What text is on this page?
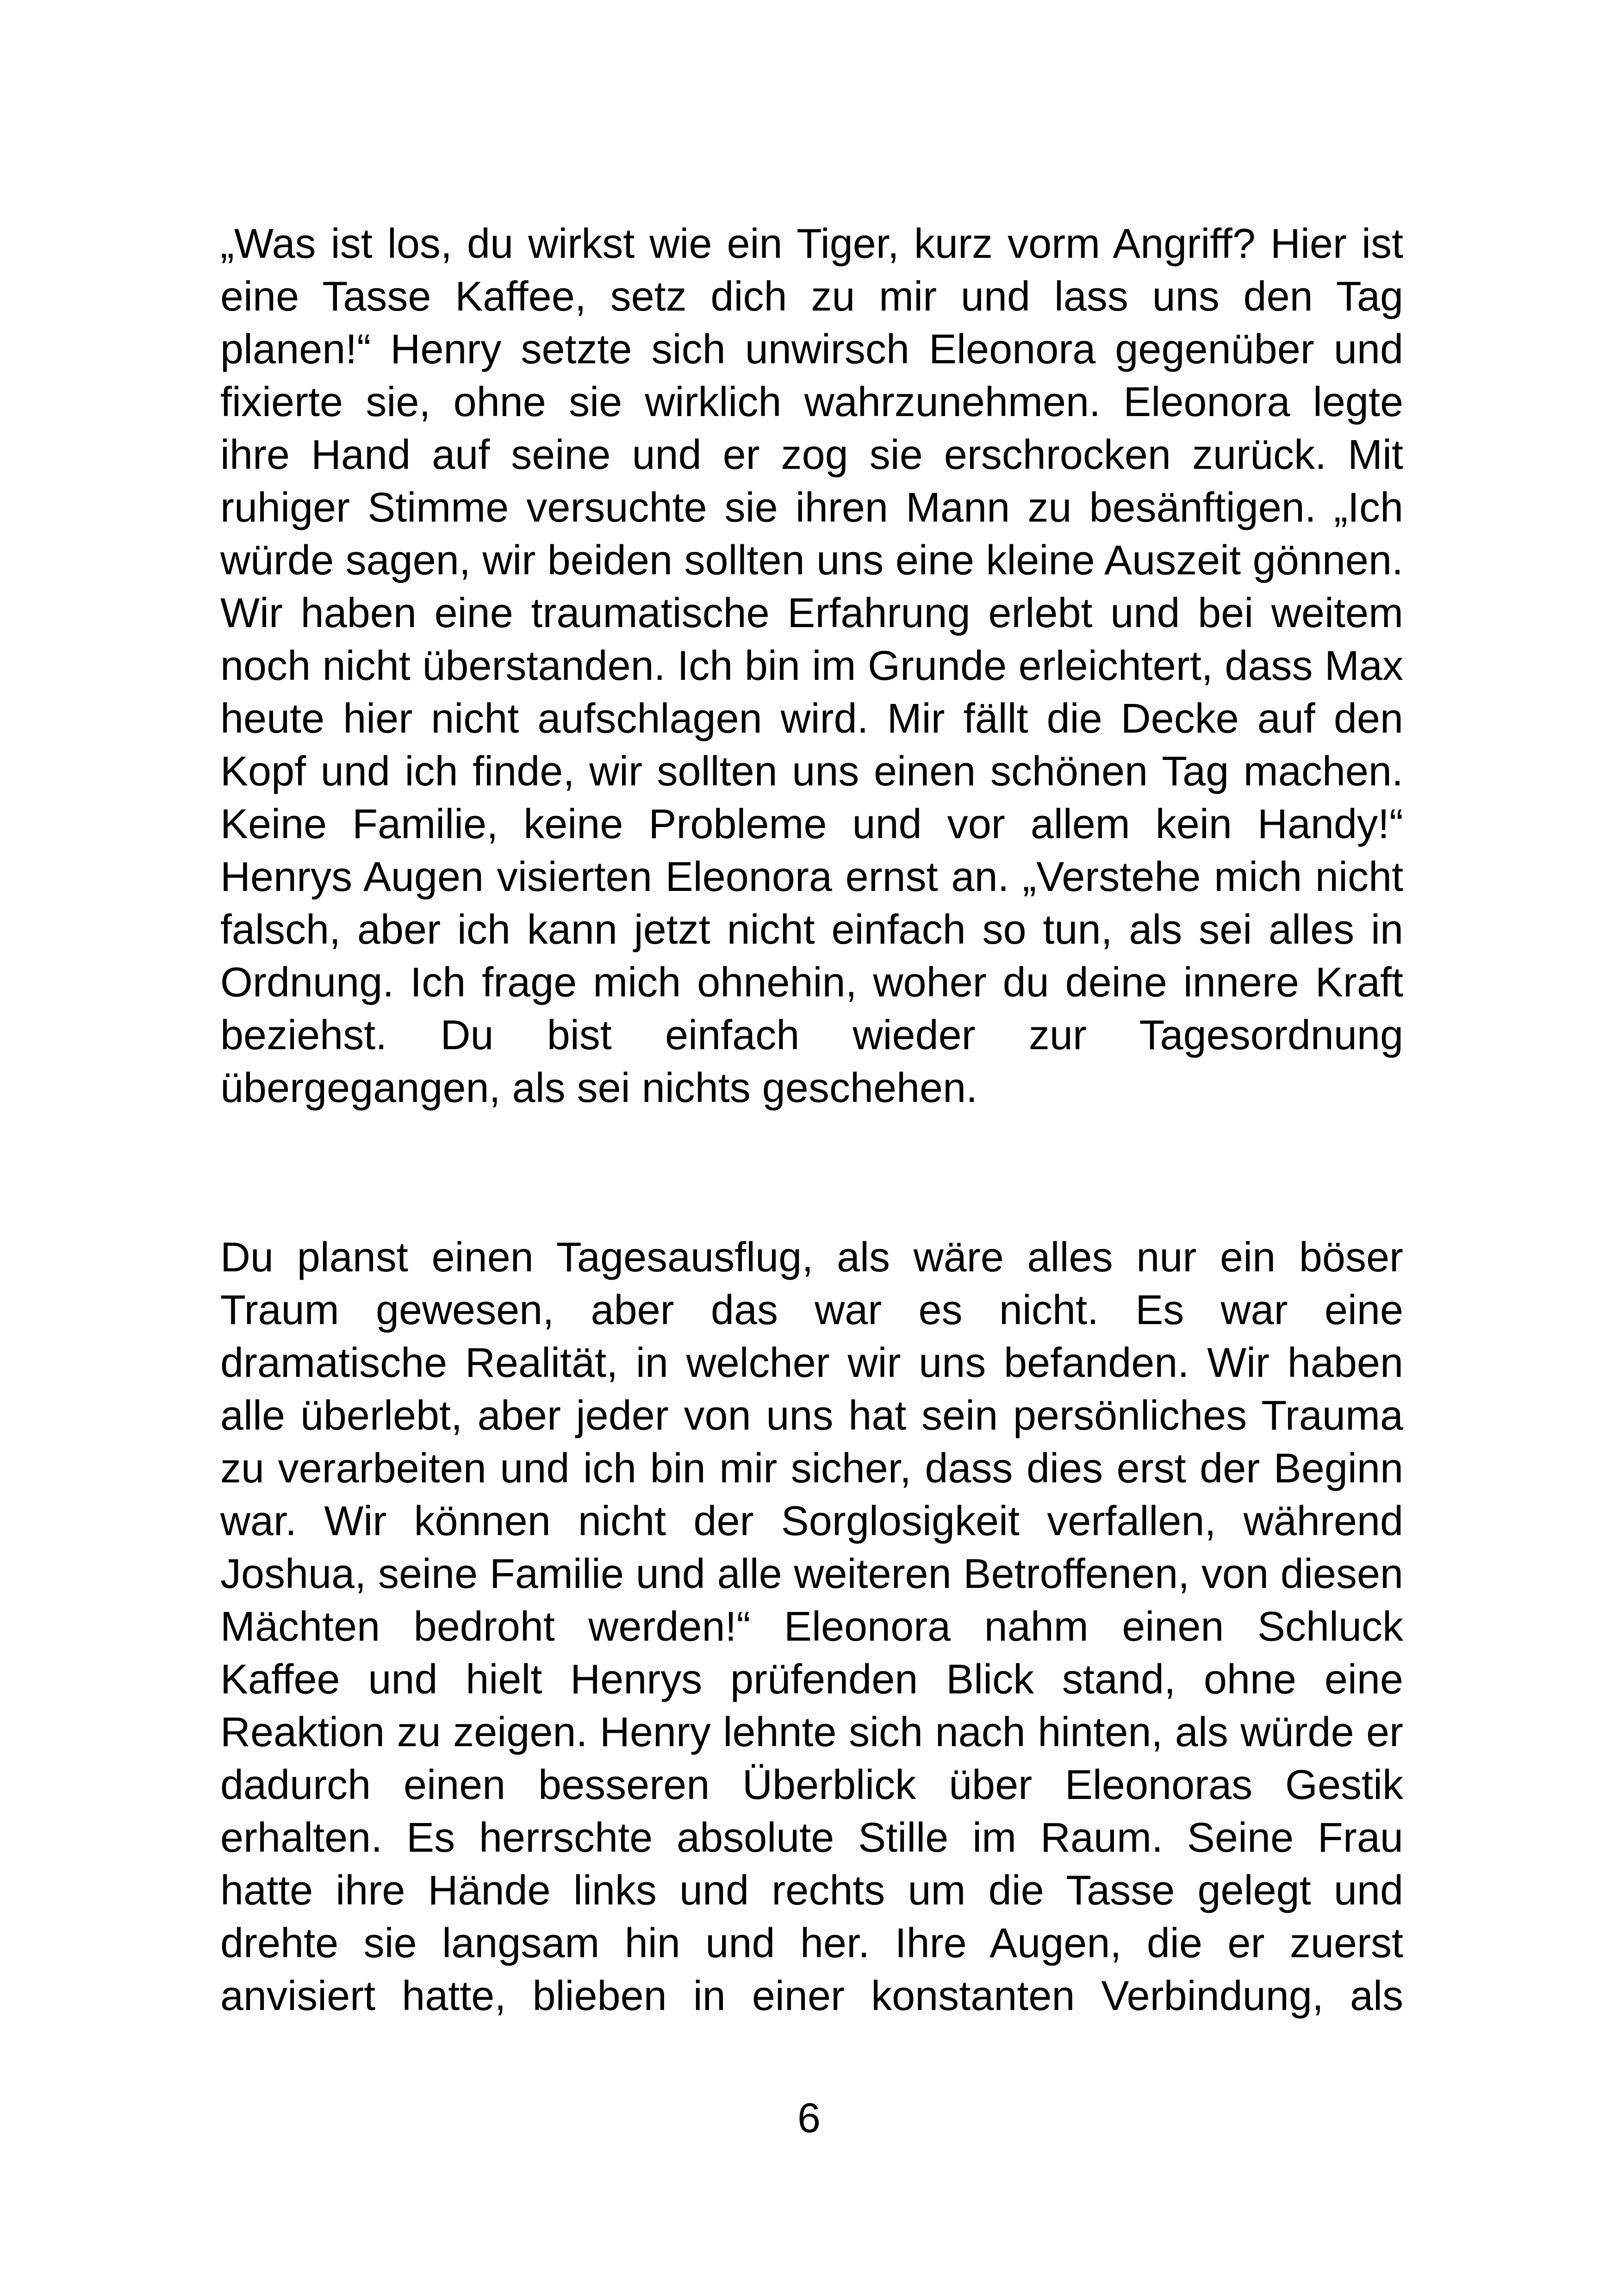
„Was ist los, du wirkst wie ein Tiger, kurz vorm Angriff? Hier ist
eine Tasse Kaffee, setz dich zu mir und lass uns den Tag
planen!“ Henry setzte sich unwirsch Eleonora gegenüber und
fixierte sie, ohne sie wirklich wahrzunehmen. Eleonora legte
ihre Hand auf seine und er zog sie erschrocken zurück. Mit
ruhiger Stimme versuchte sie ihren Mann zu besänftigen. „Ich
würde sagen, wir beiden sollten uns eine kleine Auszeit gönnen.
Wir haben eine traumatische Erfahrung erlebt und bei weitem
noch nicht überstanden. Ich bin im Grunde erleichtert, dass Max
heute hier nicht aufschlagen wird. Mir fällt die Decke auf den
Kopf und ich finde, wir sollten uns einen schönen Tag machen.
Keine Familie, keine Probleme und vor allem kein Handy!“
Henrys Augen visierten Eleonora ernst an. „Verstehe mich nicht
falsch, aber ich kann jetzt nicht einfach so tun, als sei alles in
Ordnung. Ich frage mich ohnehin, woher du deine innere Kraft
beziehst. Du bist einfach wieder zur Tagesordnung
übergegangen, als sei nichts geschehen.
Du planst einen Tagesausflug, als wäre alles nur ein böser
Traum gewesen, aber das war es nicht. Es war eine
dramatische Realität, in welcher wir uns befanden. Wir haben
alle überlebt, aber jeder von uns hat sein persönliches Trauma
zu verarbeiten und ich bin mir sicher, dass dies erst der Beginn
war. Wir können nicht der Sorglosigkeit verfallen, während
Joshua, seine Familie und alle weiteren Betroffenen, von diesen
Mächten bedroht werden!“ Eleonora nahm einen Schluck
Kaffee und hielt Henrys prüfenden Blick stand, ohne eine
Reaktion zu zeigen. Henry lehnte sich nach hinten, als würde er
dadurch einen besseren Überblick über Eleonoras Gestik
erhalten. Es herrschte absolute Stille im Raum. Seine Frau
hatte ihre Hände links und rechts um die Tasse gelegt und
drehte sie langsam hin und her. Ihre Augen, die er zuerst
anvisiert hatte, blieben in einer konstanten Verbindung, als
6
